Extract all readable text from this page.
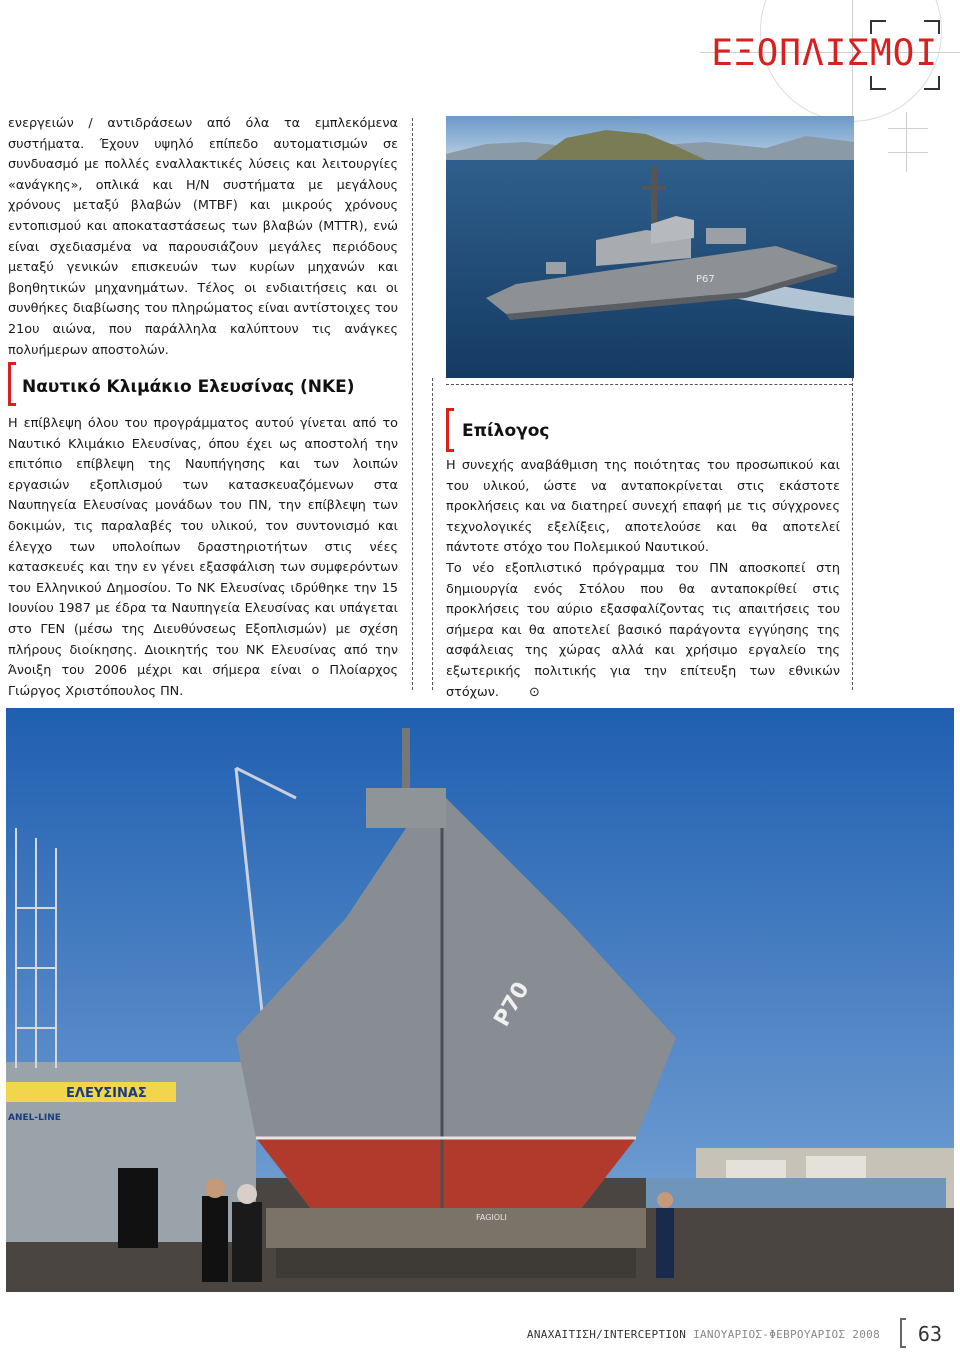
ΕΞΟΠΛΙΣΜΟΙ

ενεργειών / αντιδράσεων από όλα τα εμπλεκόμενα συστήματα. Έχουν υψηλό επίπεδο αυτοματισμών σε συνδυασμό με πολλές εναλλακτικές λύσεις και λειτουργίες «ανάγκης», οπλικά και Η/Ν συστήματα με μεγάλους χρόνους μεταξύ βλαβών (MTBF) και μικρούς χρόνους εντοπισμού και αποκαταστάσεως των βλαβών (MTTR), ενώ είναι σχεδιασμένα να παρουσιάζουν μεγάλες περιόδους μεταξύ γενικών επισκευών των κυρίων μηχανών και βοηθητικών μηχανημάτων. Τέλος οι ενδιαιτήσεις και οι συνθήκες διαβίωσης του πληρώματος είναι αντίστοιχες του 21ου αιώνα, που παράλληλα καλύπτουν τις ανάγκες πολυήμερων αποστολών.

P67
Ναυτικό Κλιμάκιο Ελευσίνας (ΝΚΕ)

Η επίβλεψη όλου του προγράμματος αυτού γίνεται από το Ναυτικό Κλιμάκιο Ελευσίνας, όπου έχει ως αποστολή την επιτόπιο επίβλεψη της Ναυπήγησης και των λοιπών εργασιών εξοπλισμού των κατασκευαζόμενων στα Ναυπηγεία Ελευσίνας μονάδων του ΠΝ, την επίβλεψη των δοκιμών, τις παραλαβές του υλικού, τον συντονισμό και έλεγχο των υπολοίπων δραστηριοτήτων στις νέες κατασκευές και την εν γένει εξασφάλιση των συμφερόντων του Ελληνικού Δημοσίου. Το ΝΚ Ελευσίνας ιδρύθηκε την 15 Ιουνίου 1987 με έδρα τα Ναυπηγεία Ελευσίνας και υπάγεται στο ΓΕΝ (μέσω της Διευθύνσεως Εξοπλισμών) με σχέση πλήρους διοίκησης. Διοικητής του ΝΚ Ελευσίνας από την Άνοιξη του 2006 μέχρι και σήμερα είναι ο Πλοίαρχος Γιώργος Χριστόπουλος ΠΝ.

Επίλογος

Η συνεχής αναβάθμιση της ποιότητας του προσωπικού και του υλικού, ώστε να ανταποκρίνεται στις εκάστοτε προκλήσεις και να διατηρεί συνεχή επαφή με τις σύγχρονες τεχνολογικές εξελίξεις, αποτελούσε και θα αποτελεί πάντοτε στόχο του Πολεμικού Ναυτικού.

Το νέο εξοπλιστικό πρόγραμμα του ΠΝ αποσκοπεί στη δημιουργία ενός Στόλου που θα ανταποκρίθεί στις προκλήσεις του αύριο εξασφαλίζοντας τις απαιτήσεις του σήμερα και θα αποτελεί βασικό παράγοντα εγγύησης της ασφάλειας της χώρας αλλά και χρήσιμο εργαλείο της εξωτερικής πολιτικής για την επίτευξη των εθνικών στόχων. ⊙

ΕΛΕΥΣΙΝΑΣ
ANEL-LINE
P70
FAGIOLI
ΑΝΑΧΑΙΤΙΣΗ/INTERCEPTION ΙΑΝΟΥΑΡΙΟΣ-ΦΕΒΡΟΥΑΡΙΟΣ 2008 63
